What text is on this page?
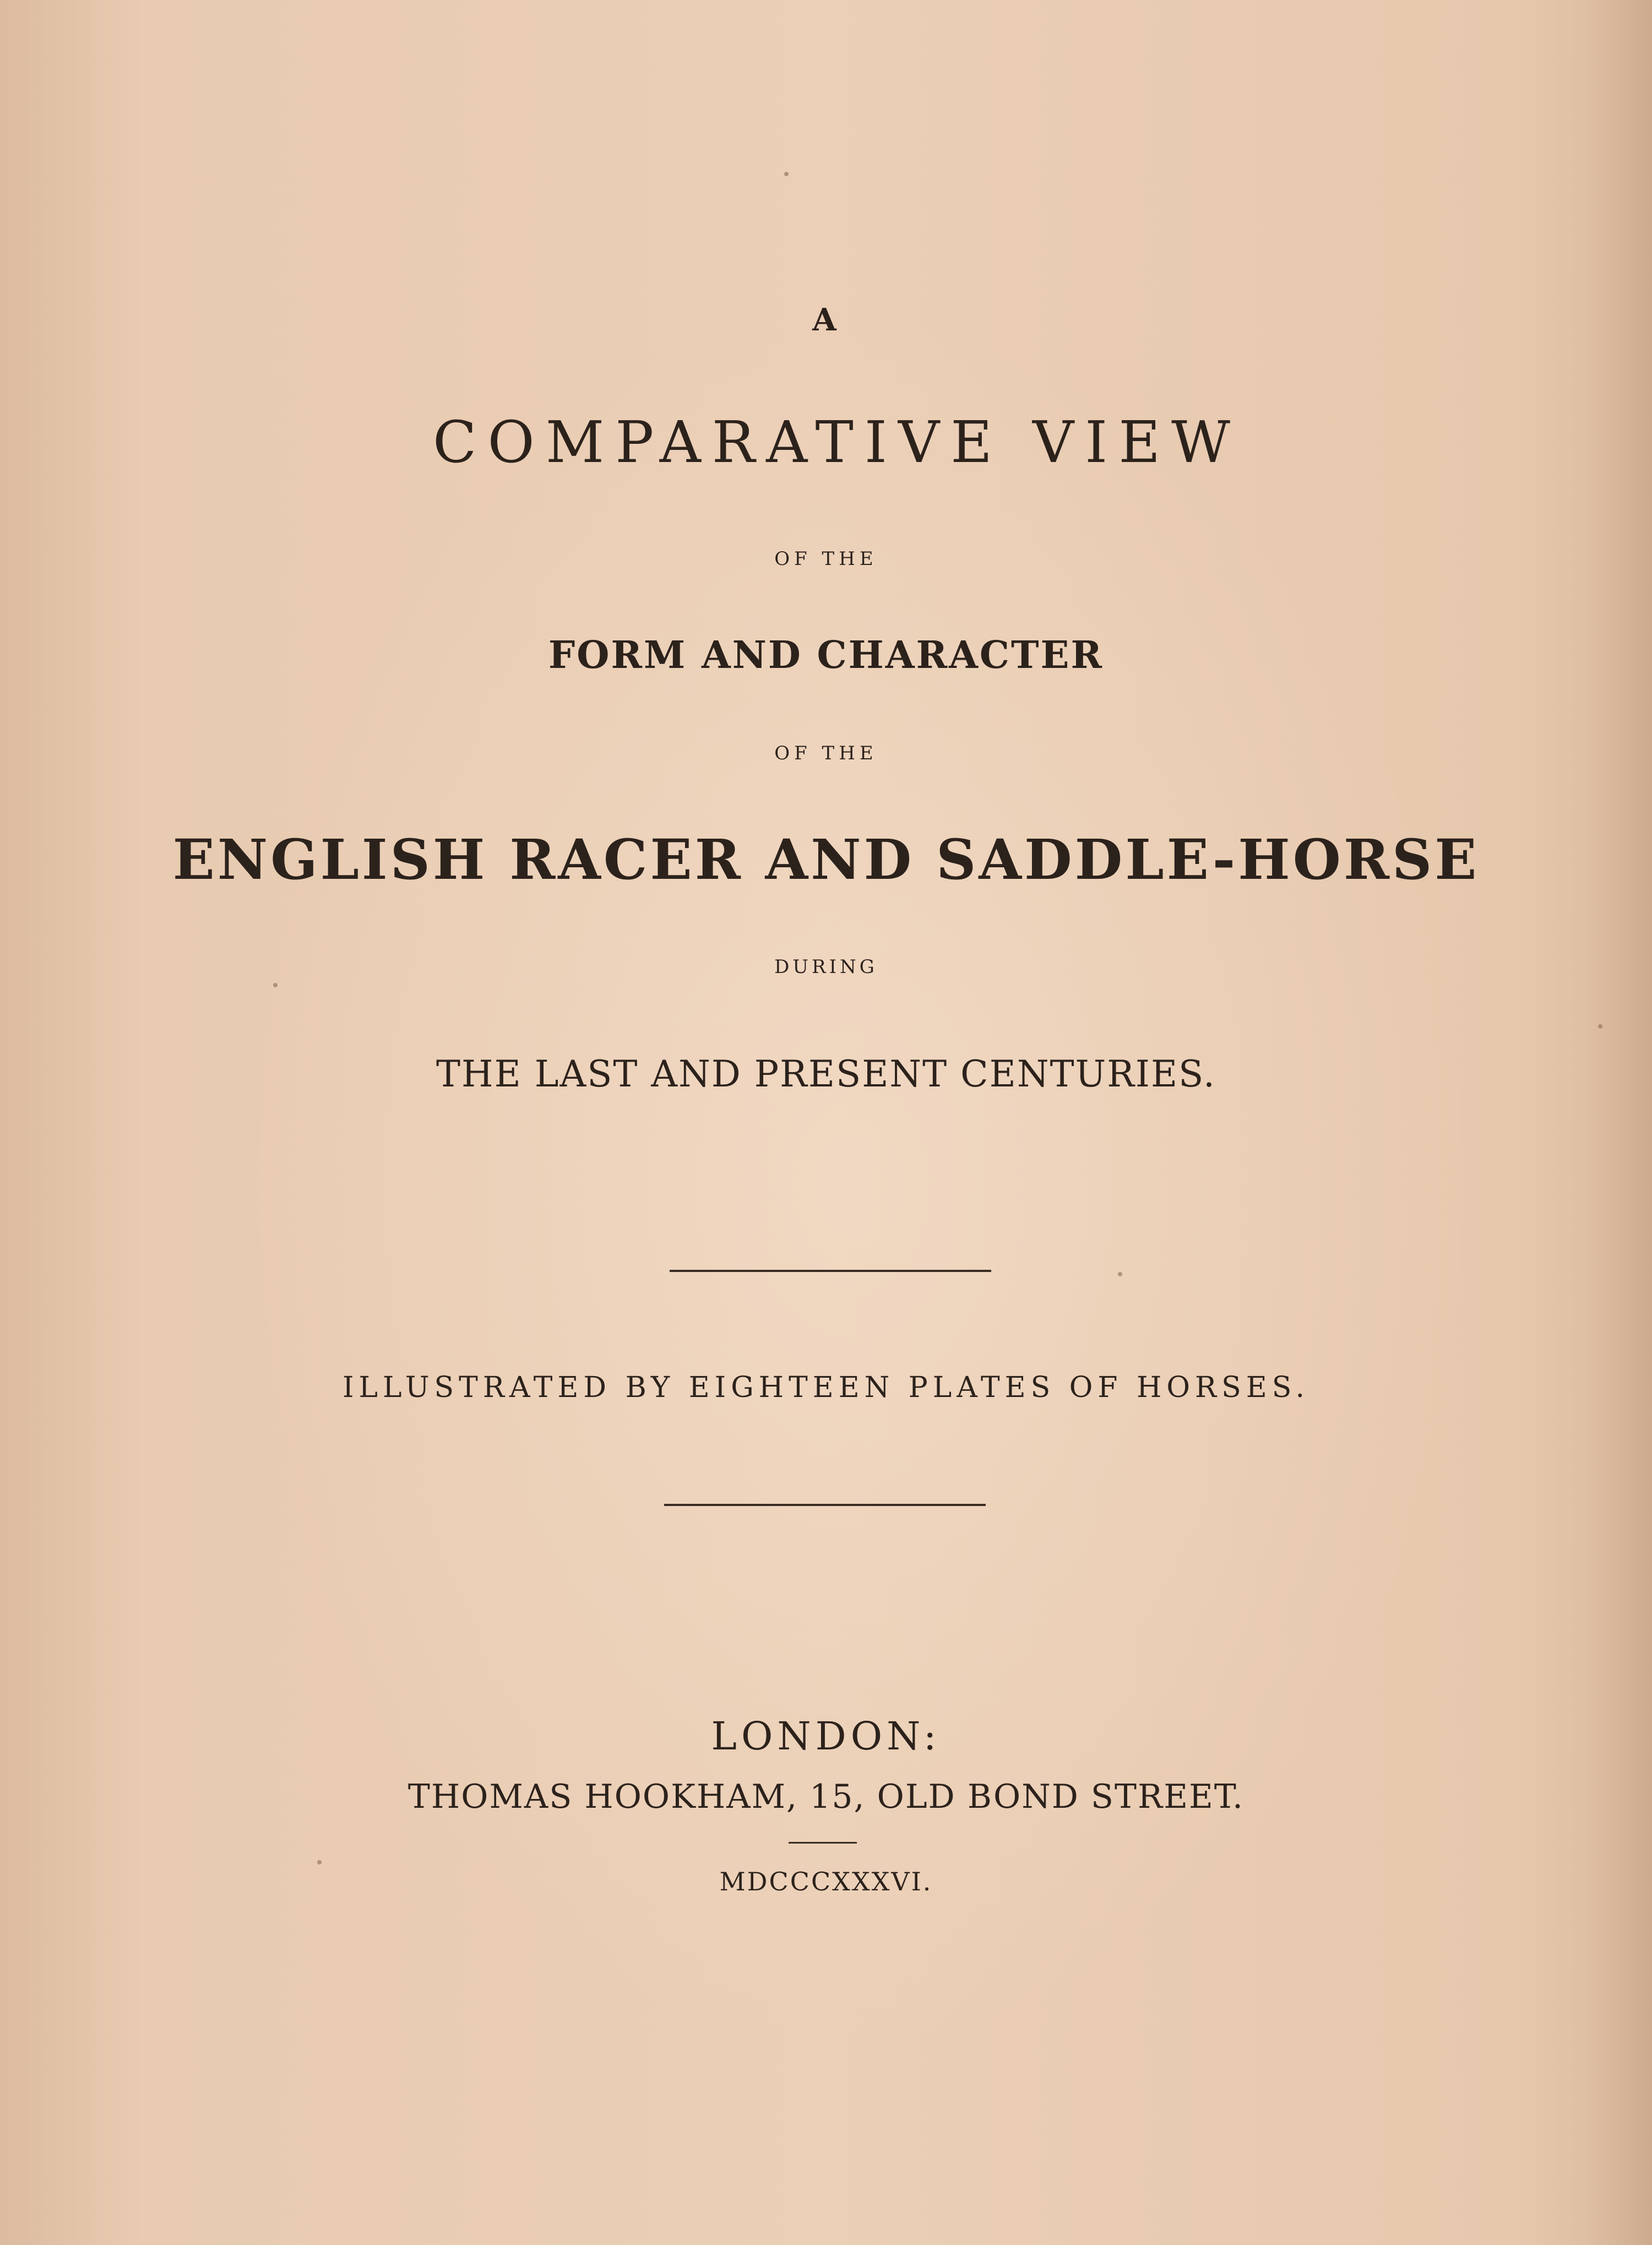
A
COMPARATIVE VIEW
OF THE
FORM AND CHARACTER
OF THE
ENGLISH RACER AND SADDLE-HORSE
DURING
THE LAST AND PRESENT CENTURIES.
ILLUSTRATED BY EIGHTEEN PLATES OF HORSES.
LONDON:
THOMAS HOOKHAM, 15, OLD BOND STREET.
MDCCCXXXVI.
